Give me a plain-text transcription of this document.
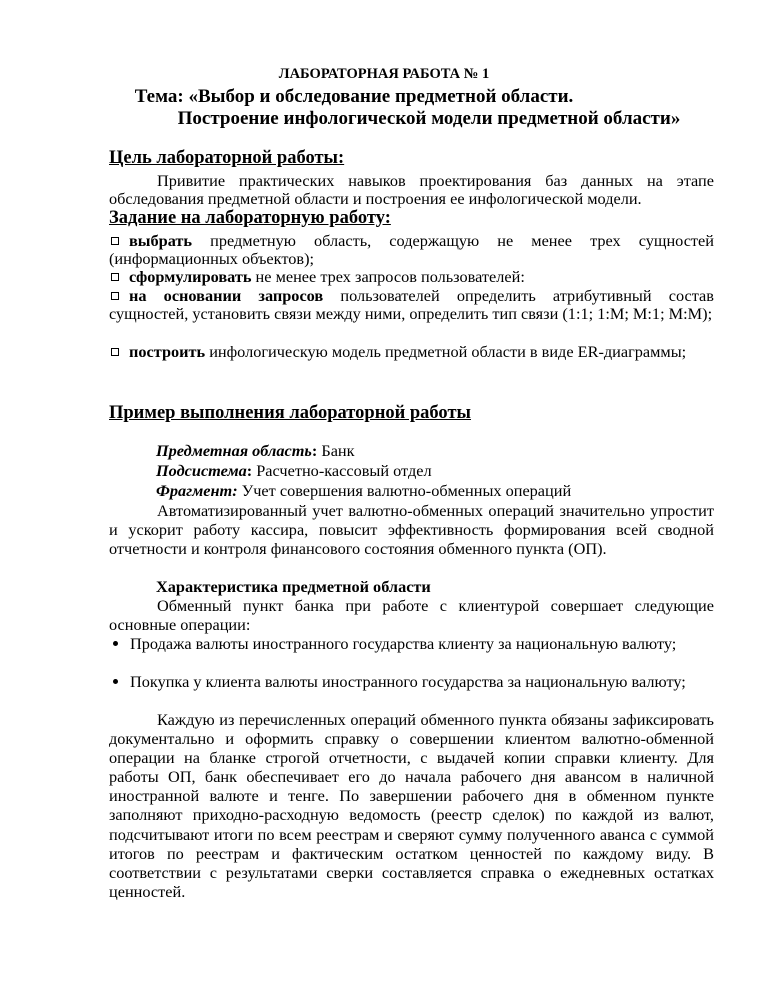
ЛАБОРАТОРНАЯ РАБОТА № 1
Тема: «Выбор и обследование предметной области.
Построение инфологической модели предметной области»
Цель лабораторной работы:
Привитие практических навыков проектирования баз данных на этапе обследования предметной области и построения ее инфологической модели.
Задание на лабораторную работу:
выбрать предметную область, содержащую не менее трех сущностей (информационных объектов);
сформулировать не менее трех запросов пользователей:
на основании запросов пользователей определить атрибутивный состав сущностей, установить связи между ними, определить тип связи (1:1; 1:М; М:1; М:М);
построить инфологическую модель предметной области в виде ER-диаграммы;
Пример выполнения лабораторной работы
Предметная область: Банк
Подсистема: Расчетно-кассовый отдел
Фрагмент: Учет совершения валютно-обменных операций
Автоматизированный учет валютно-обменных операций значительно упростит и ускорит работу кассира, повысит эффективность формирования всей сводной отчетности и контроля финансового состояния обменного пункта (ОП).
Характеристика предметной области
Обменный пункт банка при работе с клиентурой совершает следующие основные операции:
Продажа валюты иностранного государства клиенту за национальную валюту;
Покупка у клиента валюты иностранного государства за национальную валюту;
Каждую из перечисленных операций обменного пункта обязаны зафиксировать документально и оформить справку о совершении клиентом валютно-обменной операции на бланке строгой отчетности, с выдачей копии справки клиенту. Для работы ОП, банк обеспечивает его до начала рабочего дня авансом в наличной иностранной валюте и тенге. По завершении рабочего дня в обменном пункте заполняют приходно-расходную ведомость (реестр сделок) по каждой из валют, подсчитывают итоги по всем реестрам и сверяют сумму полученного аванса с суммой итогов по реестрам и фактическим остатком ценностей по каждому виду. В соответствии с результатами сверки составляется справка о ежедневных остатках ценностей.
